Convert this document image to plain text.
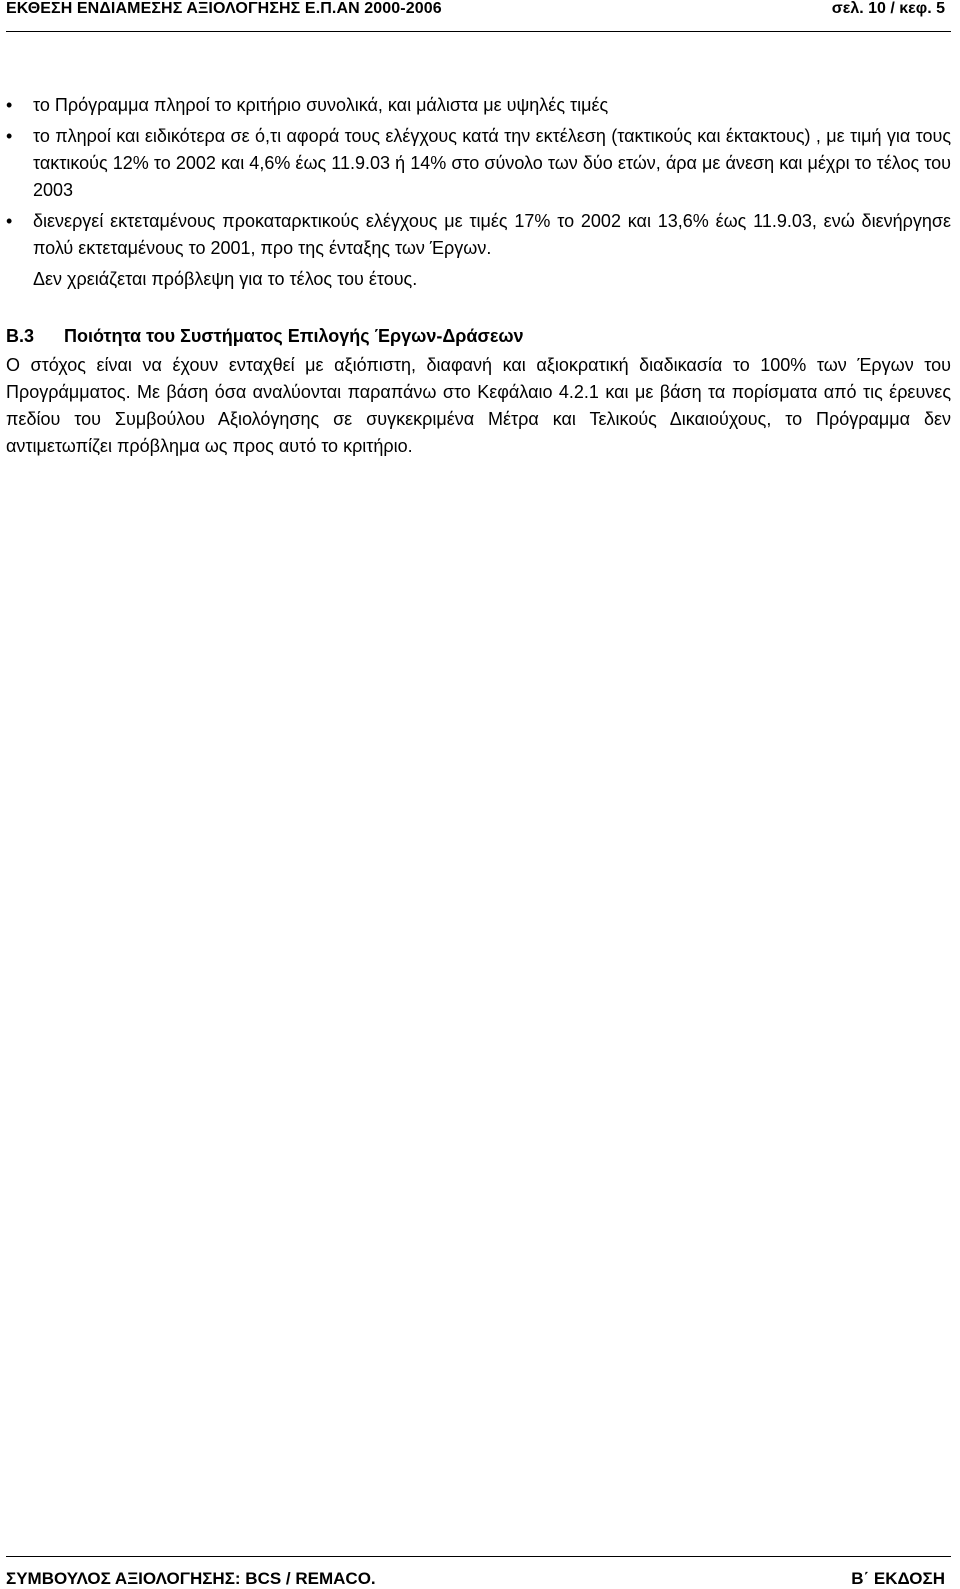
ΕΚΘΕΣΗ ΕΝΔΙΑΜΕΣΗΣ ΑΞΙΟΛΟΓΗΣΗΣ Ε.Π.ΑΝ 2000-2006	σελ. 10 / κεφ. 5
• το Πρόγραμμα πληροί το κριτήριο συνολικά, και μάλιστα με υψηλές τιμές
• το πληροί και ειδικότερα σε ό,τι αφορά τους ελέγχους κατά την εκτέλεση (τακτικούς και έκτακτους) , με τιμή για τους τακτικούς 12% το 2002 και 4,6% έως 11.9.03 ή 14% στο σύνολο των δύο ετών, άρα με άνεση και μέχρι το τέλος του 2003
• διενεργεί εκτεταμένους προκαταρκτικούς ελέγχους με τιμές 17% το 2002 και 13,6% έως 11.9.03, ενώ διενήργησε πολύ εκτεταμένους το 2001, προ της ένταξης των Έργων.

Δεν χρειάζεται πρόβλεψη για το τέλος του έτους.

Β.3 Ποιότητα του Συστήματος Επιλογής Έργων-Δράσεων

Ο στόχος είναι να έχουν ενταχθεί με αξιόπιστη, διαφανή και αξιοκρατική διαδικασία το 100% των Έργων του Προγράμματος. Με βάση όσα αναλύονται παραπάνω στο Κεφάλαιο 4.2.1 και με βάση τα πορίσματα από τις έρευνες πεδίου του Συμβούλου Αξιολόγησης σε συγκεκριμένα Μέτρα και Τελικούς Δικαιούχους, το Πρόγραμμα δεν αντιμετωπίζει πρόβλημα ως προς αυτό το κριτήριο.

ΣΥΜΒΟΥΛΟΣ ΑΞΙΟΛΟΓΗΣΗΣ: BCS / REMACO.	Β΄ ΕΚΔΟΣΗ
